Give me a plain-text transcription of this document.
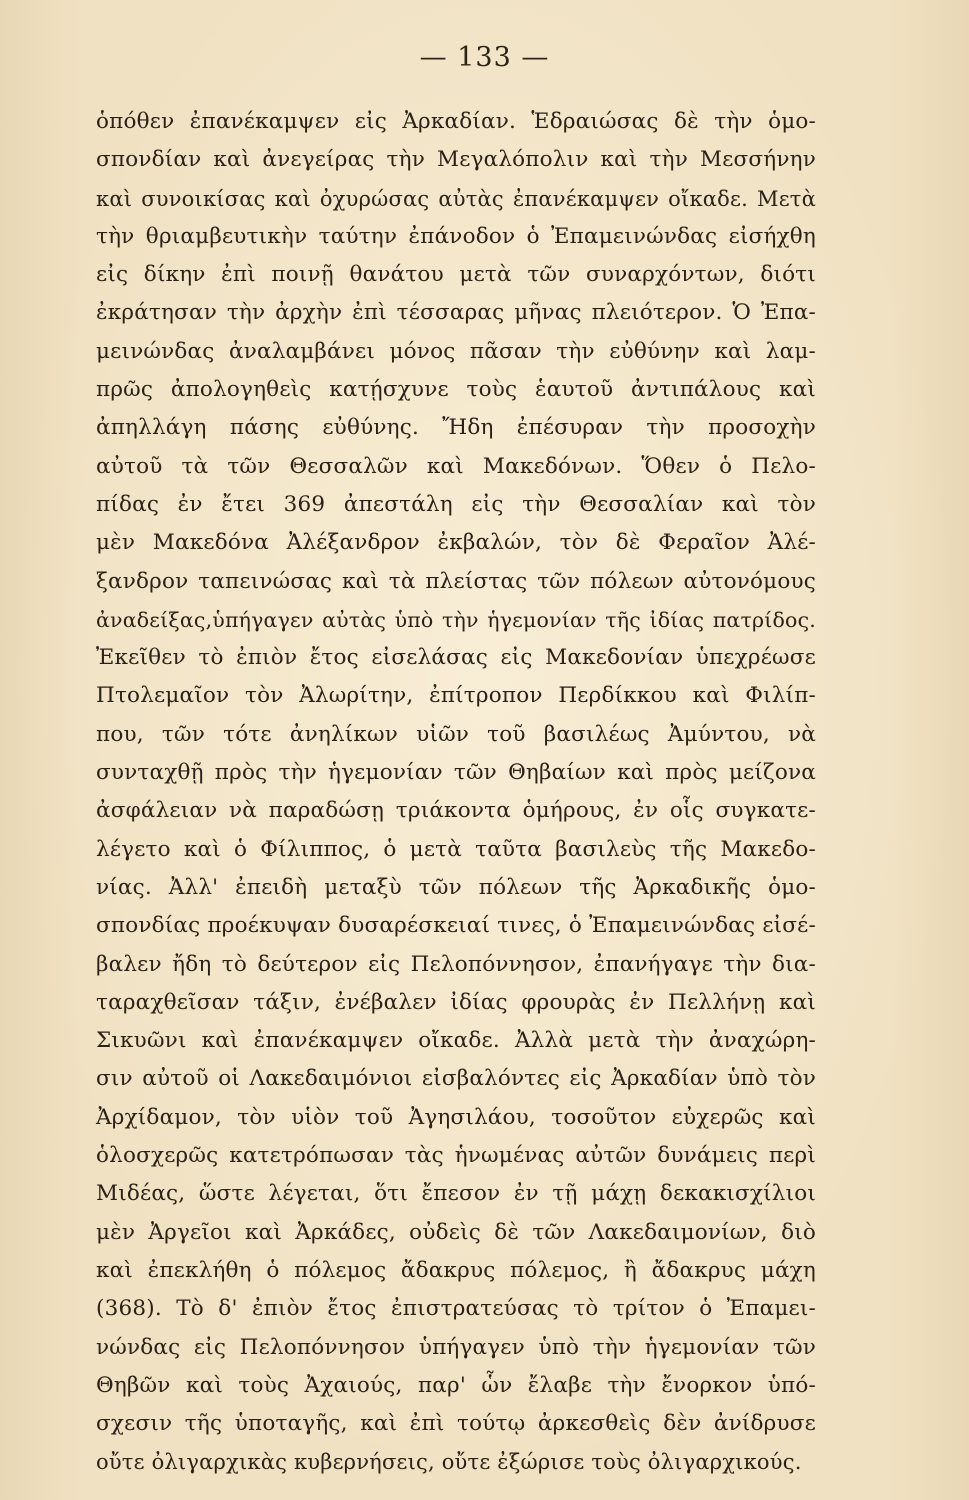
— 133 —
ὁπόθεν ἐπανέκαμψεν εἰς Ἀρκαδίαν. Ἑδραιώσας δὲ τὴν ὁμο-
σπονδίαν καὶ ἀνεγείρας τὴν Μεγαλόπολιν καὶ τὴν Μεσσήνην
καὶ συνοικίσας καὶ ὀχυρώσας αὐτὰς ἐπανέκαμψεν οἴκαδε. Μετὰ
τὴν θριαμβευτικὴν ταύτην ἐπάνοδον ὁ Ἐπαμεινώνδας εἰσήχθη
εἰς δίκην ἐπὶ ποινῇ θανάτου μετὰ τῶν συναρχόντων, διότι
ἐκράτησαν τὴν ἀρχὴν ἐπὶ τέσσαρας μῆνας πλειότερον. Ὁ Ἐπα-
μεινώνδας ἀναλαμβάνει μόνος πᾶσαν τὴν εὐθύνην καὶ λαμ-
πρῶς ἀπολογηθεὶς κατῄσχυνε τοὺς ἑαυτοῦ ἀντιπάλους καὶ
ἀπηλλάγη πάσης εὐθύνης. Ἤδη ἐπέσυραν τὴν προσοχὴν
αὐτοῦ τὰ τῶν Θεσσαλῶν καὶ Μακεδόνων. Ὅθεν ὁ Πελο-
πίδας ἐν ἔτει 369 ἀπεστάλη εἰς τὴν Θεσσαλίαν καὶ τὸν
μὲν Μακεδόνα Ἀλέξανδρον ἐκβαλών, τὸν δὲ Φεραῖον Ἀλέ-
ξανδρον ταπεινώσας καὶ τὰ πλείστας τῶν πόλεων αὐτονόμους
ἀναδείξας,ὑπήγαγεν αὐτὰς ὑπὸ τὴν ἡγεμονίαν τῆς ἰδίας πατρίδος.
Ἐκεῖθεν τὸ ἐπιὸν ἔτος εἰσελάσας εἰς Μακεδονίαν ὑπεχρέωσε
Πτολεμαῖον τὸν Ἀλωρίτην, ἐπίτροπον Περδίκκου καὶ Φιλίπ-
που, τῶν τότε ἀνηλίκων υἱῶν τοῦ βασιλέως Ἀμύντου, νὰ
συνταχθῇ πρὸς τὴν ἡγεμονίαν τῶν Θηβαίων καὶ πρὸς μείζονα
ἀσφάλειαν νὰ παραδώσῃ τριάκοντα ὁμήρους, ἐν οἷς συγκατε-
λέγετο καὶ ὁ Φίλιππος, ὁ μετὰ ταῦτα βασιλεὺς τῆς Μακεδο-
νίας. Ἀλλ' ἐπειδὴ μεταξὺ τῶν πόλεων τῆς Ἀρκαδικῆς ὁμο-
σπονδίας προέκυψαν δυσαρέσκειαί τινες, ὁ Ἐπαμεινώνδας εἰσέ-
βαλεν ἤδη τὸ δεύτερον εἰς Πελοπόννησον, ἐπανήγαγε τὴν δια-
ταραχθεῖσαν τάξιν, ἐνέβαλεν ἰδίας φρουρὰς ἐν Πελλήνῃ καὶ
Σικυῶνι καὶ ἐπανέκαμψεν οἴκαδε. Ἀλλὰ μετὰ τὴν ἀναχώρη-
σιν αὐτοῦ οἱ Λακεδαιμόνιοι εἰσβαλόντες εἰς Ἀρκαδίαν ὑπὸ τὸν
Ἀρχίδαμον, τὸν υἱὸν τοῦ Ἀγησιλάου, τοσοῦτον εὐχερῶς καὶ
ὁλοσχερῶς κατετρόπωσαν τὰς ἡνωμένας αὐτῶν δυνάμεις περὶ
Μιδέας, ὥστε λέγεται, ὅτι ἔπεσον ἐν τῇ μάχῃ δεκακισχίλιοι
μὲν Ἀργεῖοι καὶ Ἀρκάδες, οὐδεὶς δὲ τῶν Λακεδαιμονίων, διὸ
καὶ ἐπεκλήθη ὁ πόλεμος ἄδακρυς πόλεμος, ἢ ἄδακρυς μάχη
(368). Τὸ δ' ἐπιὸν ἔτος ἐπιστρατεύσας τὸ τρίτον ὁ Ἐπαμει-
νώνδας εἰς Πελοπόννησον ὑπήγαγεν ὑπὸ τὴν ἡγεμονίαν τῶν
Θηβῶν καὶ τοὺς Ἀχαιούς, παρ' ὧν ἔλαβε τὴν ἔνορκον ὑπό-
σχεσιν τῆς ὑποταγῆς, καὶ ἐπὶ τούτῳ ἀρκεσθεὶς δὲν ἀνίδρυσε
οὔτε ὀλιγαρχικὰς κυβερνήσεις, οὔτε ἐξώρισε τοὺς ὀλιγαρχικούς.
